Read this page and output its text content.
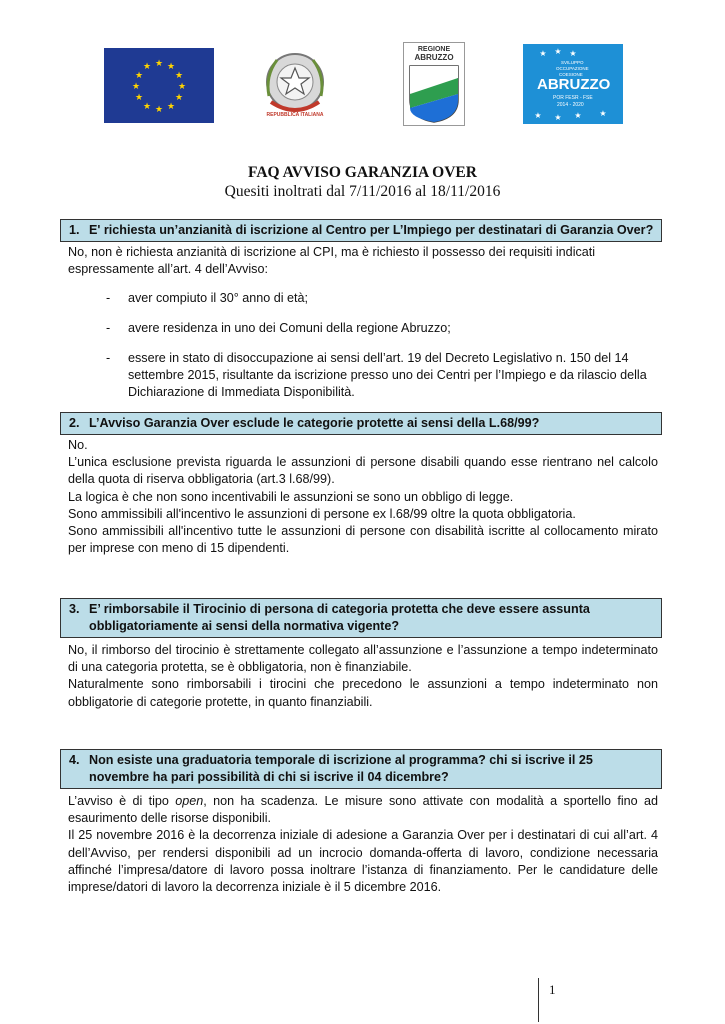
★ ★
★
★
★
★
★
★
★
★
★
★
REPUBBLICA ITALIANA
REGIONE
ABRUZZO	★ ★ ★
★ ★ ★ ★
SVILUPPO
OCCUPAZIONE
COESIONE
ABRUZZO
POR FESR - FSE
2014 - 2020
FAQ AVVISO GARANZIA OVER
Quesiti inoltrati dal 7/11/2016 al 18/11/2016
1. E' richiesta un’anzianità di iscrizione al Centro per L’Impiego per destinatari di Garanzia Over?

No, non è richiesta anzianità di iscrizione al CPI, ma è richiesto il possesso dei requisiti indicati espressamente all’art. 4 dell’Avviso:

- aver compiuto il 30° anno di età;
- avere residenza in uno dei Comuni della regione Abruzzo;
- essere in stato di disoccupazione ai sensi dell’art. 19 del Decreto Legislativo n. 150 del 14 settembre 2015, risultante da iscrizione presso uno dei Centri per l’Impiego e da rilascio della Dichiarazione di Immediata Disponibilità.
2. L’Avviso Garanzia Over esclude le categorie protette ai sensi della L.68/99?

No.

L’unica esclusione prevista riguarda le assunzioni di persone disabili quando esse rientrano nel calcolo della quota di riserva obbligatoria (art.3 l.68/99).

La logica è che non sono incentivabili le assunzioni se sono un obbligo di legge.

Sono ammissibili all'incentivo le assunzioni di persone ex l.68/99 oltre la quota obbligatoria.

Sono ammissibili all'incentivo tutte le assunzioni di persone con disabilità iscritte al collocamento mirato per imprese con meno di 15 dipendenti.

3. E’ rimborsabile il Tirocinio di persona di categoria protetta che deve essere assunta obbligatoriamente ai sensi della normativa vigente?

No, il rimborso del tirocinio è strettamente collegato all’assunzione e l’assunzione a tempo indeterminato di una categoria protetta, se è obbligatoria, non è finanziabile.

Naturalmente sono rimborsabili i tirocini che precedono le assunzioni a tempo indeterminato non obbligatorie di categorie protette, in quanto finanziabili.

4. Non esiste una graduatoria temporale di iscrizione al programma? chi si iscrive il 25 novembre ha pari possibilità di chi si iscrive il 04 dicembre?

L’avviso è di tipo open, non ha scadenza. Le misure sono attivate con modalità a sportello fino ad esaurimento delle risorse disponibili.

Il 25 novembre 2016 è la decorrenza iniziale di adesione a Garanzia Over per i destinatari di cui all’art. 4 dell’Avviso, per rendersi disponibili ad un incrocio domanda-offerta di lavoro, condizione necessaria affinché l’impresa/datore di lavoro possa inoltrare l’istanza di finanziamento. Per le candidature delle imprese/datori di lavoro la decorrenza iniziale è il 5 dicembre 2016.

1
